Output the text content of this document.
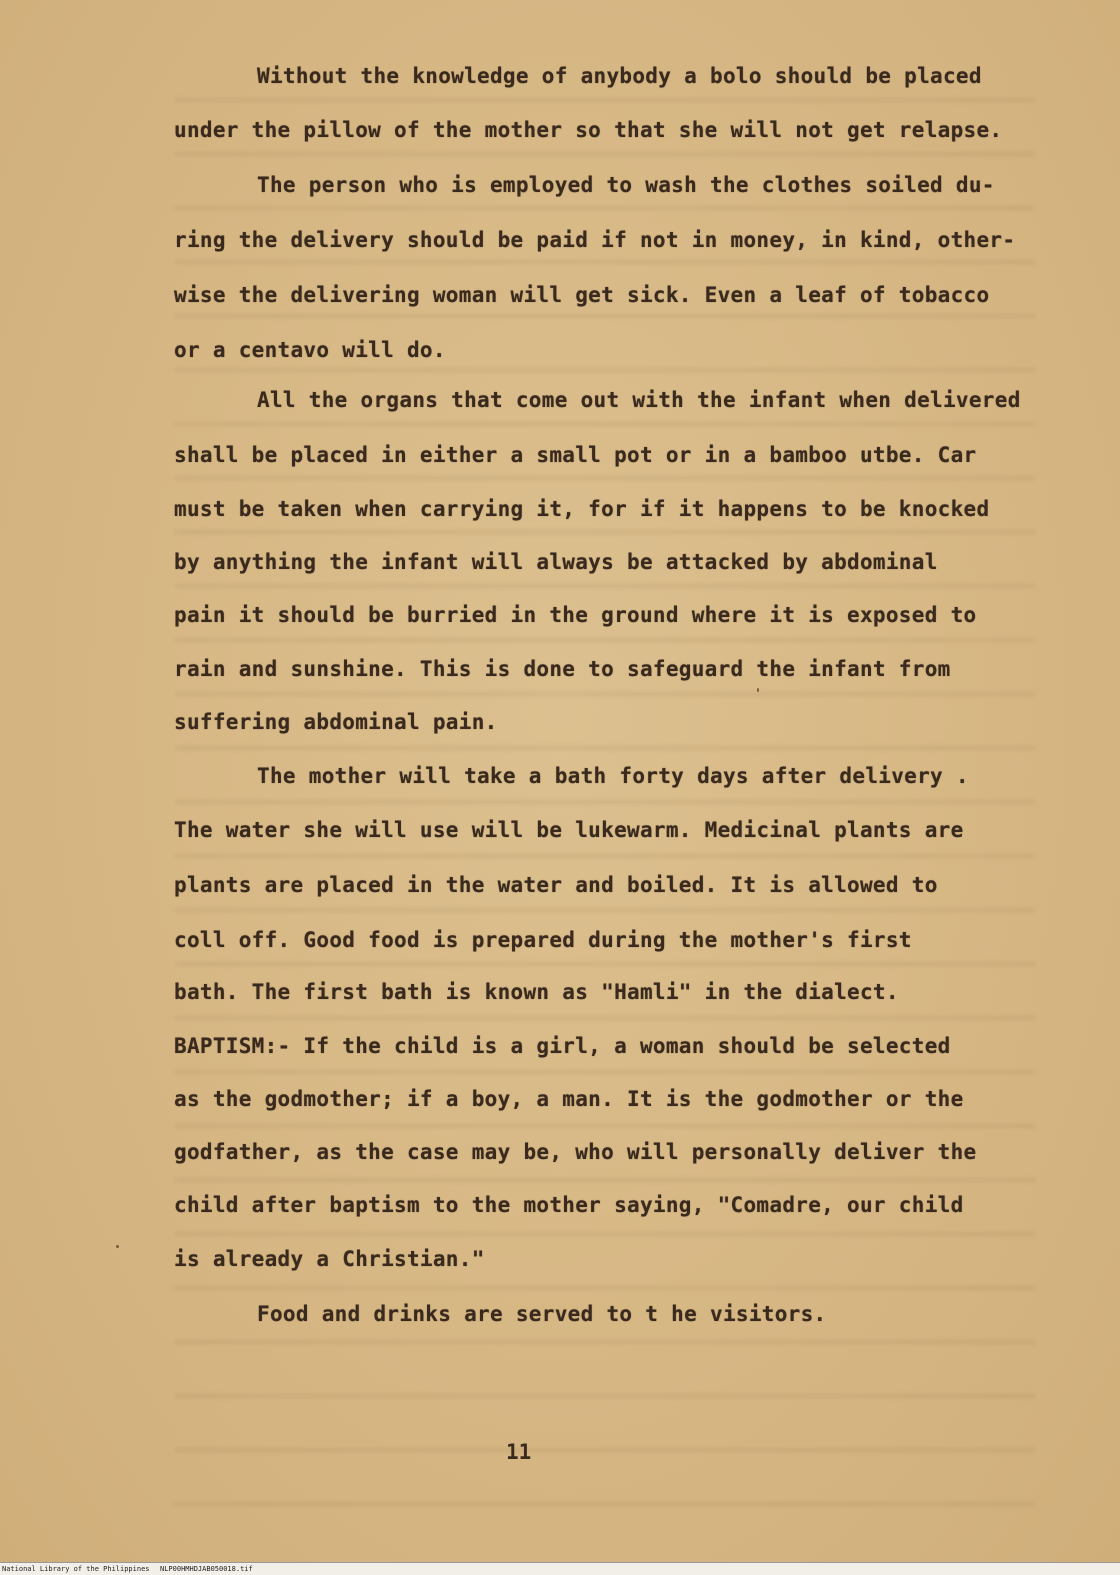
Without the knowledge of anybody a bolo should be placed
under the pillow of the mother so that she will not get relapse.
The person who is employed to wash the clothes soiled du-
ring the delivery should be paid if not in money, in kind, other-
wise the delivering woman will get sick. Even a leaf of tobacco
or a centavo will do.
All the organs that come out with the infant when delivered
shall be placed in either a small pot or in a bamboo utbe. Car
must be taken when carrying it, for if it happens to be knocked
by anything the infant will always be attacked by abdominal
pain it should be burried in the ground where it is exposed to
rain and sunshine. This is done to safeguard the infant from
suffering abdominal pain.
The mother will take a bath forty days after delivery .
The water she will use will be lukewarm. Medicinal plants are
plants are placed in the water and boiled. It is allowed to
coll off. Good food is prepared during the mother's first
bath. The first bath is known as "Hamli" in the dialect.
BAPTISM:- If the child is a girl, a woman should be selected
as the godmother; if a boy, a man. It is the godmother or the
godfather, as the case may be, who will personally deliver the
child after baptism to the mother saying, "Comadre, our child
is already a Christian."
Food and drinks are served to t he visitors.
11
National Library of the Philippines NLP00HMHDJAB050018.tif
